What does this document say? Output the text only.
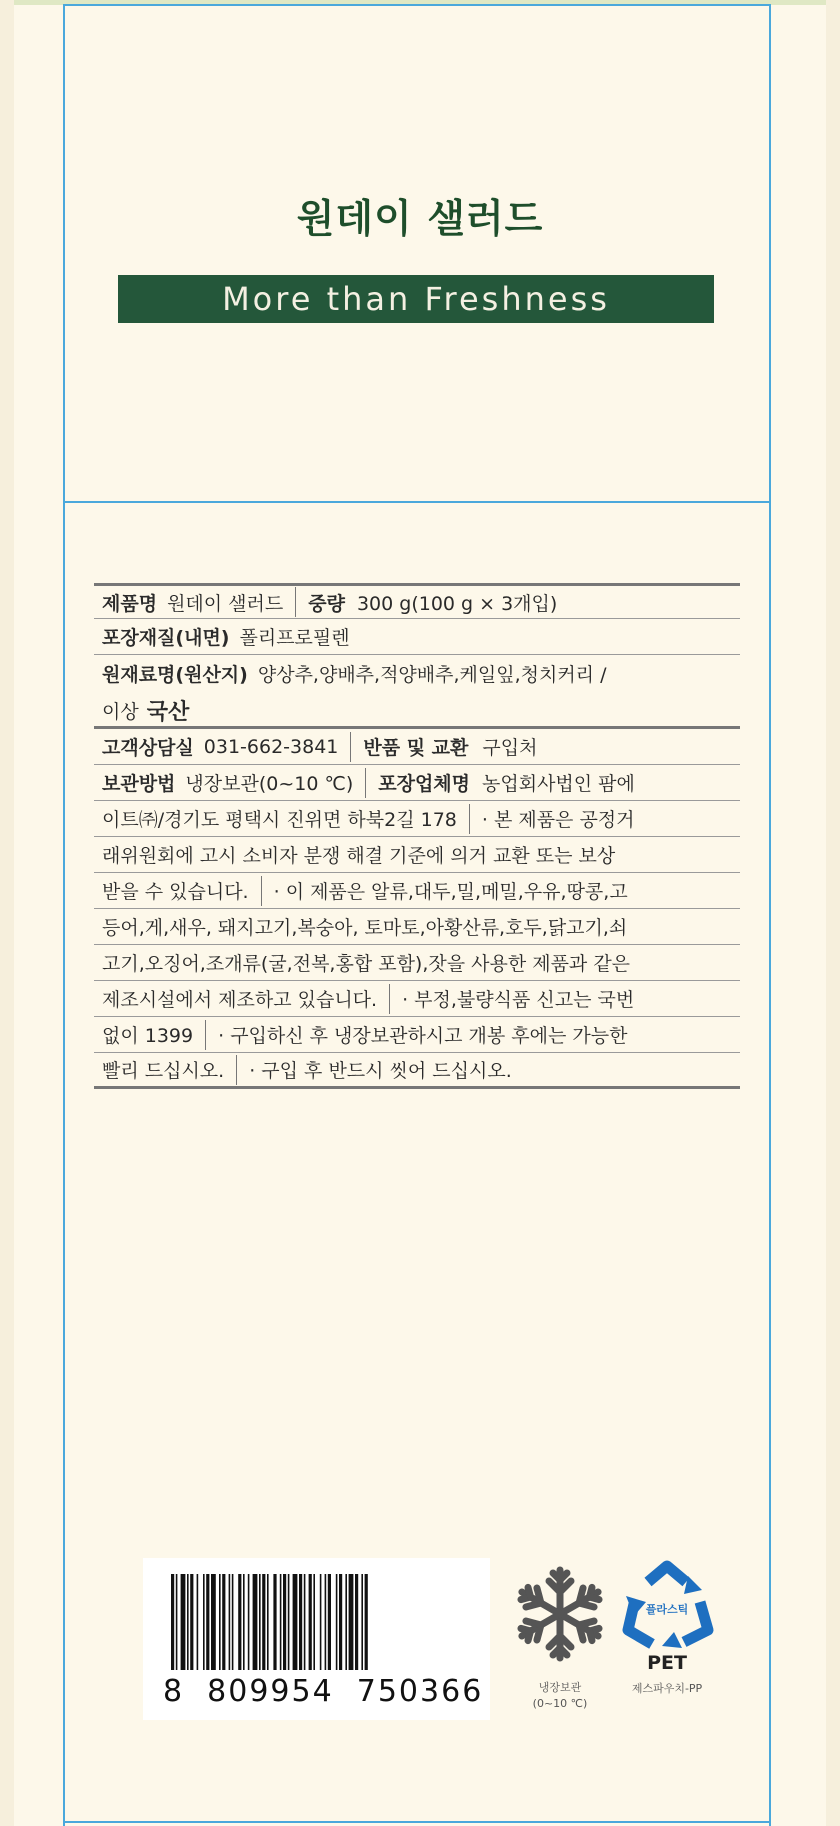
원데이 샐러드
More than Freshness
제품명 원데이 샐러드 중량 300 g(100 g × 3개입)
포장재질(내면) 폴리프로필렌
원재료명(원산지) 양상추,양배추,적양배추,케일잎,청치커리 /
이상 국산
고객상담실 031-662-3841 반품 및 교환 구입처
보관방법 냉장보관(0~10 ℃) 포장업체명 농업회사법인 팜에
이트㈜/경기도 평택시 진위면 하북2길 178 · 본 제품은 공정거
래위원회에 고시 소비자 분쟁 해결 기준에 의거 교환 또는 보상
받을 수 있습니다. · 이 제품은 알류,대두,밀,메밀,우유,땅콩,고
등어,게,새우, 돼지고기,복숭아, 토마토,아황산류,호두,닭고기,쇠
고기,오징어,조개류(굴,전복,홍합 포함),잣을 사용한 제품과 같은
제조시설에서 제조하고 있습니다. · 부정,불량식품 신고는 국번
없이 1399 · 구입하신 후 냉장보관하시고 개봉 후에는 가능한
빨리 드십시오. · 구입 후 반드시 씻어 드십시오.
8  809954  750366	냉장보관
(0~10 ℃)
플라스틱
PET
제스파우치-PP
